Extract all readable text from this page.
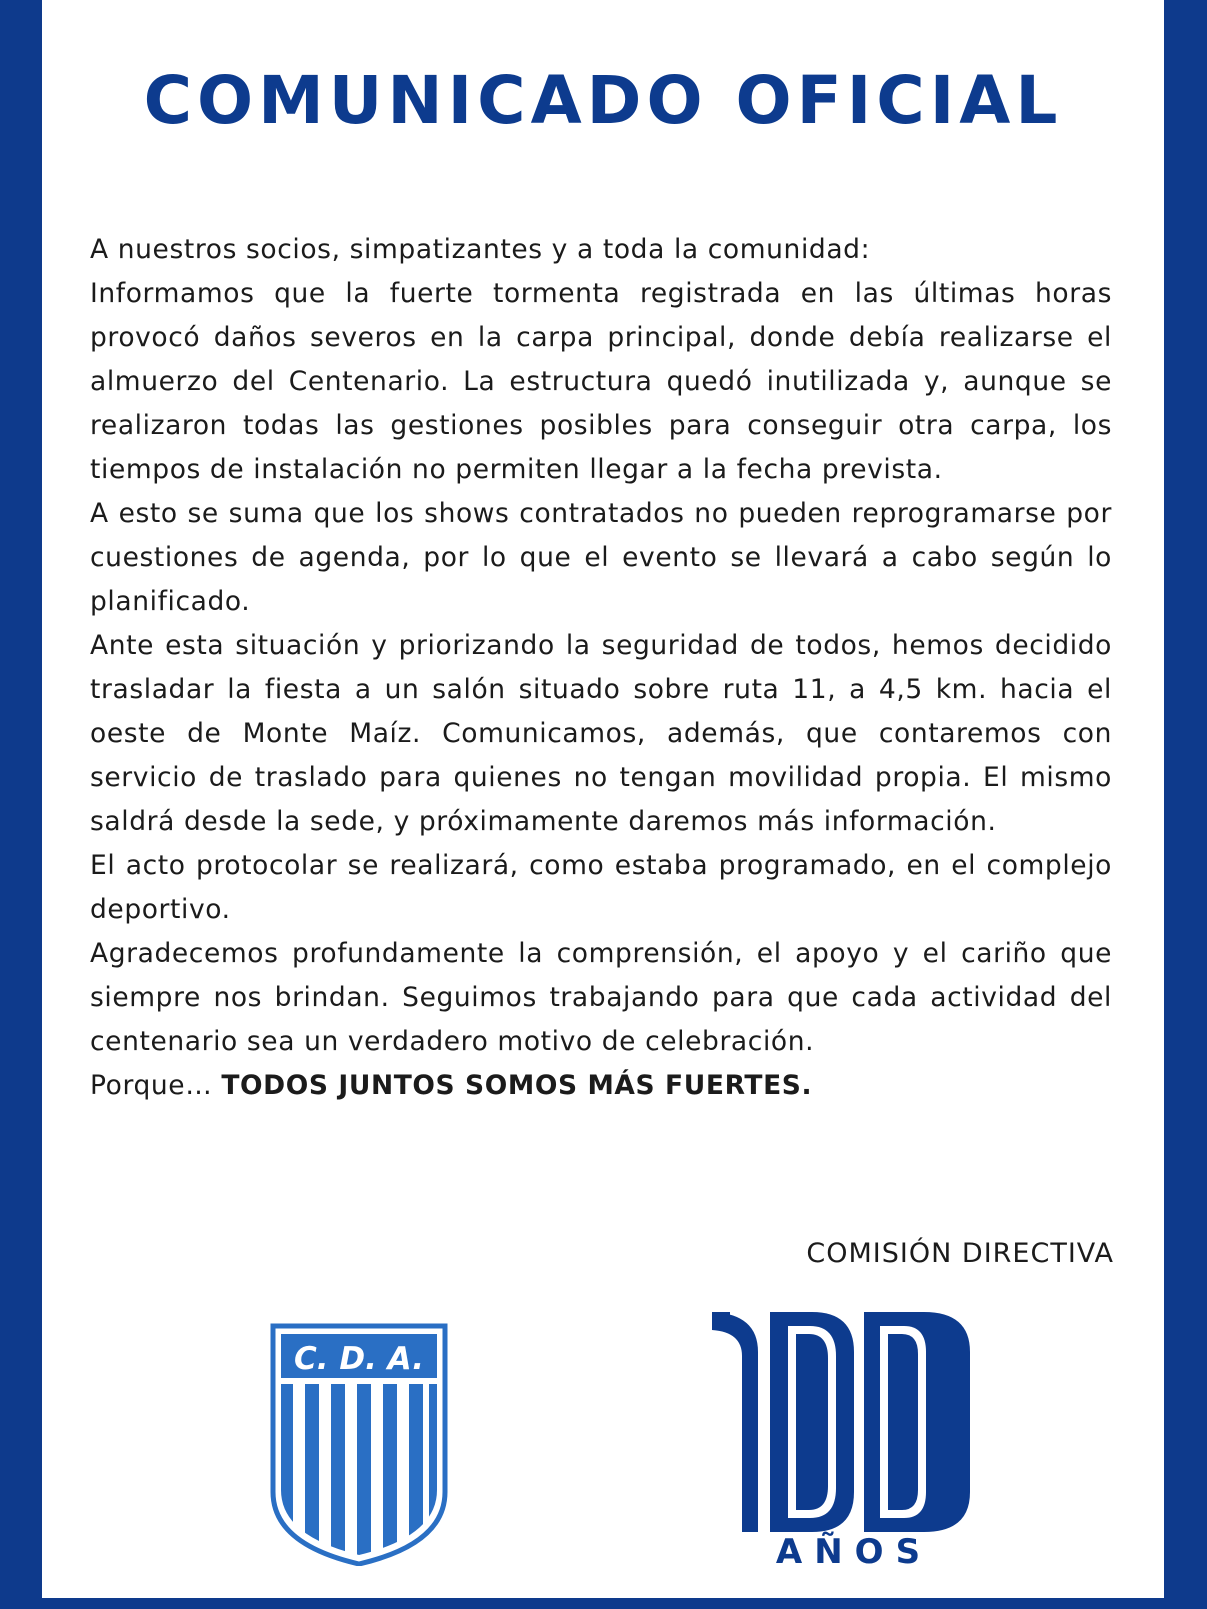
COMUNICADO OFICIAL

A nuestros socios, simpatizantes y a toda la comunidad:

Informamos que la fuerte tormenta registrada en las últimas horas provocó daños severos en la carpa principal, donde debía realizarse el almuerzo del Centenario. La estructura quedó inutilizada y, aunque se realizaron todas las gestiones posibles para conseguir otra carpa, los tiempos de instalación no permiten llegar a la fecha prevista.

A esto se suma que los shows contratados no pueden reprogramarse por cuestiones de agenda, por lo que el evento se llevará a cabo según lo planificado.

Ante esta situación y priorizando la seguridad de todos, hemos decidido trasladar la fiesta a un salón situado sobre ruta 11, a 4,5 km. hacia el oeste de Monte Maíz. Comunicamos, además, que contaremos con servicio de traslado para quienes no tengan movilidad propia. El mismo saldrá desde la sede, y próximamente daremos más información.

El acto protocolar se realizará, como estaba programado, en el complejo deportivo.

Agradecemos profundamente la comprensión, el apoyo y el cariño que siempre nos brindan. Seguimos trabajando para que cada actividad del centenario sea un verdadero motivo de celebración.

Porque… TODOS JUNTOS SOMOS MÁS FUERTES.

COMISIÓN DIRECTIVA
C. D. A.
AÑOS
